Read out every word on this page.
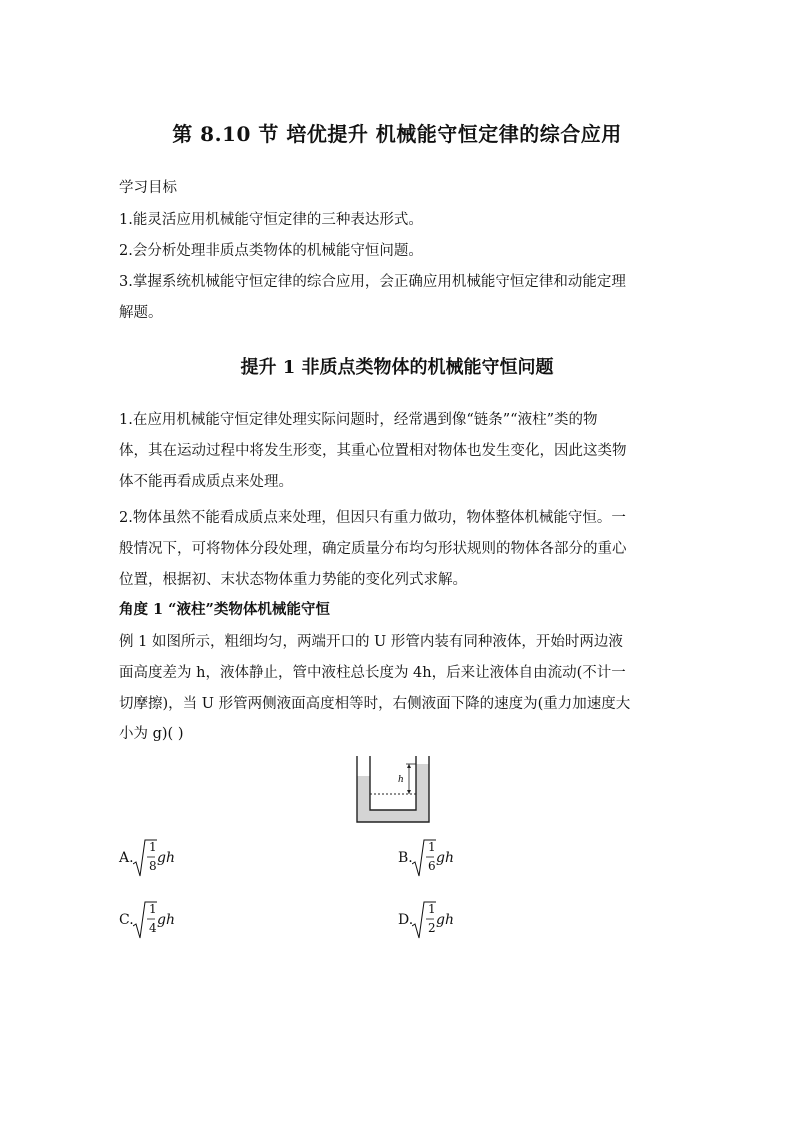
第 8.10 节 培优提升 机械能守恒定律的综合应用
学习目标
1.能灵活应用机械能守恒定律的三种表达形式。
2.会分析处理非质点类物体的机械能守恒问题。
3.掌握系统机械能守恒定律的综合应用，会正确应用机械能守恒定律和动能定理
解题。
提升 1 非质点类物体的机械能守恒问题
1.在应用机械能守恒定律处理实际问题时，经常遇到像“链条”“液柱”类的物
体，其在运动过程中将发生形变，其重心位置相对物体也发生变化，因此这类物
体不能再看成质点来处理。
2.物体虽然不能看成质点来处理，但因只有重力做功，物体整体机械能守恒。一
般情况下，可将物体分段处理，确定质量分布均匀形状规则的物体各部分的重心
位置，根据初、末状态物体重力势能的变化列式求解。
角度 1 “液柱”类物体机械能守恒
例 1 如图所示，粗细均匀，两端开口的 U 形管内装有同种液体，开始时两边液
面高度差为 h，液体静止，管中液柱总长度为 4h，后来让液体自由流动(不计一
切摩擦)，当 U 形管两侧液面高度相等时，右侧液面下降的速度为(重力加速度大
小为 g)( )
h
A.
1
8 gh	B.
1
6 gh
C.
1
4 gh	D.
1
2 gh
